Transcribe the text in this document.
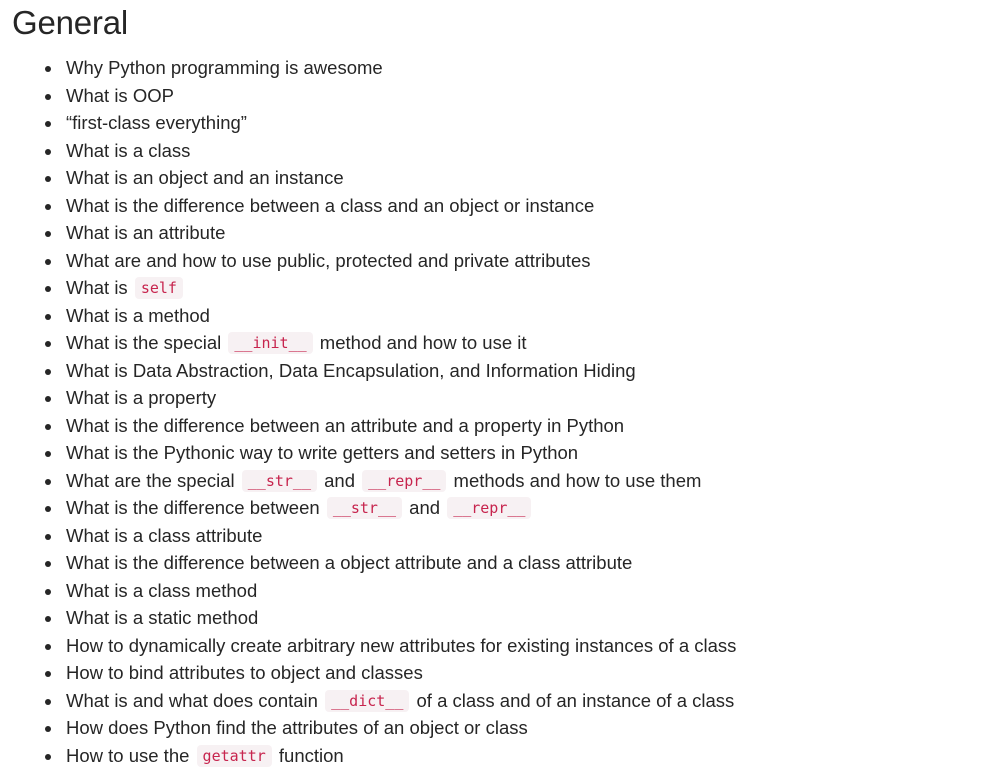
General
Why Python programming is awesome
What is OOP
“first-class everything”
What is a class
What is an object and an instance
What is the difference between a class and an object or instance
What is an attribute
What are and how to use public, protected and private attributes
What is self
What is a method
What is the special __init__ method and how to use it
What is Data Abstraction, Data Encapsulation, and Information Hiding
What is a property
What is the difference between an attribute and a property in Python
What is the Pythonic way to write getters and setters in Python
What are the special __str__ and __repr__ methods and how to use them
What is the difference between __str__ and __repr__
What is a class attribute
What is the difference between a object attribute and a class attribute
What is a class method
What is a static method
How to dynamically create arbitrary new attributes for existing instances of a class
How to bind attributes to object and classes
What is and what does contain __dict__ of a class and of an instance of a class
How does Python find the attributes of an object or class
How to use the getattr function
